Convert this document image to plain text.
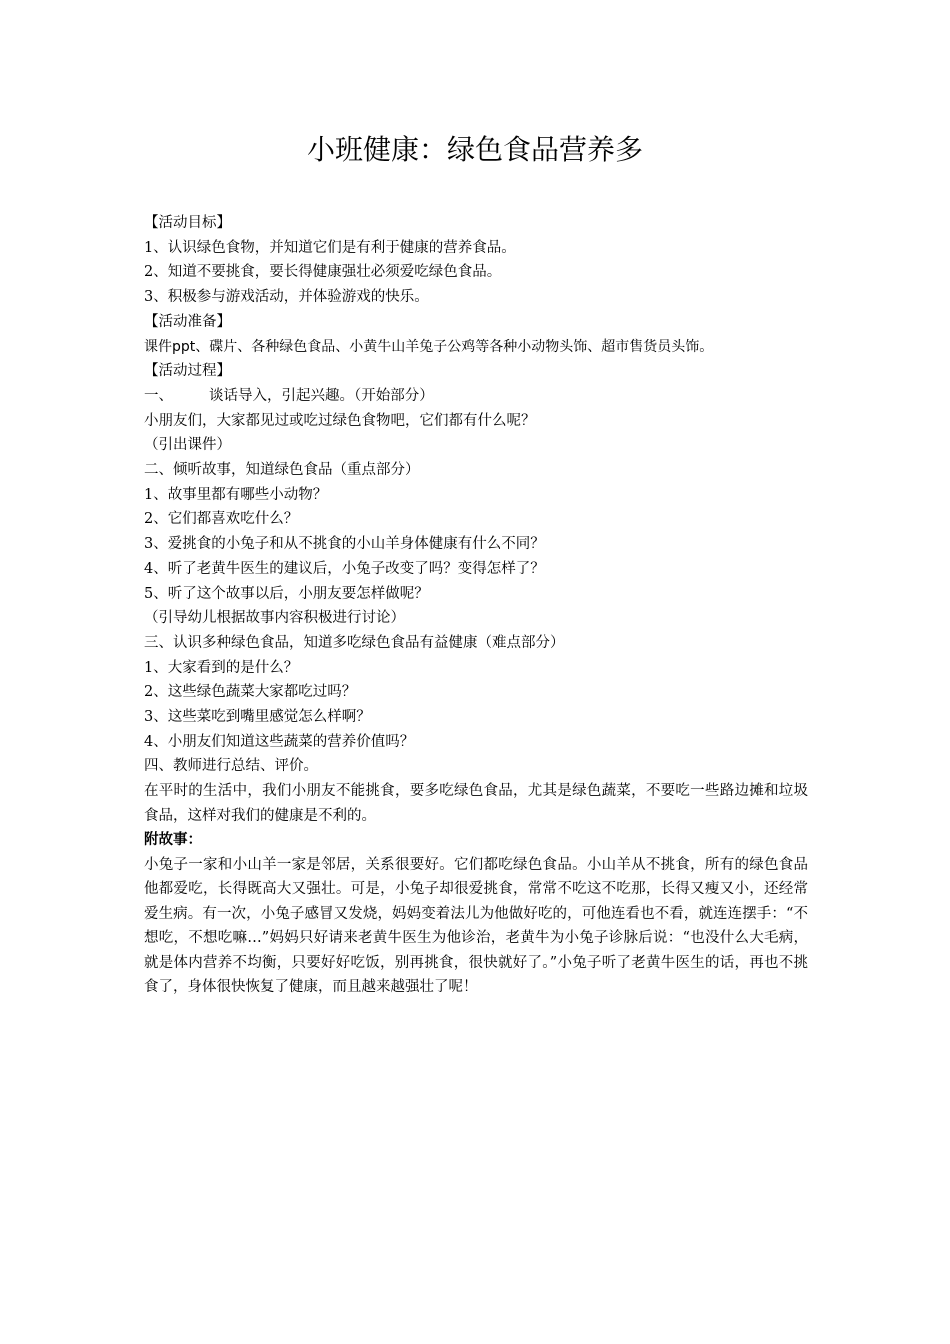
小班健康：绿色食品营养多
【活动目标】
1、认识绿色食物，并知道它们是有利于健康的营养食品。
2、知道不要挑食，要长得健康强壮必须爱吃绿色食品。
3、积极参与游戏活动，并体验游戏的快乐。
【活动准备】
课件ppt、碟片、各种绿色食品、小黄牛山羊兔子公鸡等各种小动物头饰、超市售货员头饰。
【活动过程】
一、 谈话导入，引起兴趣。（开始部分）
小朋友们，大家都见过或吃过绿色食物吧，它们都有什么呢？
（引出课件）
二、倾听故事，知道绿色食品（重点部分）
1、故事里都有哪些小动物？
2、它们都喜欢吃什么？
3、爱挑食的小兔子和从不挑食的小山羊身体健康有什么不同？
4、听了老黄牛医生的建议后，小兔子改变了吗？变得怎样了？
5、听了这个故事以后，小朋友要怎样做呢？
（引导幼儿根据故事内容积极进行讨论）
三、认识多种绿色食品，知道多吃绿色食品有益健康（难点部分）
1、大家看到的是什么？
2、这些绿色蔬菜大家都吃过吗？
3、这些菜吃到嘴里感觉怎么样啊？
4、小朋友们知道这些蔬菜的营养价值吗？
四、教师进行总结、评价。
在平时的生活中，我们小朋友不能挑食，要多吃绿色食品，尤其是绿色蔬菜，不要吃一些路边摊和垃圾食品，这样对我们的健康是不利的。
附故事：
小兔子一家和小山羊一家是邻居，关系很要好。它们都吃绿色食品。小山羊从不挑食，所有的绿色食品他都爱吃，长得既高大又强壮。可是，小兔子却很爱挑食，常常不吃这不吃那，长得又瘦又小，还经常爱生病。有一次，小兔子感冒又发烧，妈妈变着法儿为他做好吃的，可他连看也不看，就连连摆手：“不想吃，不想吃嘛…”妈妈只好请来老黄牛医生为他诊治，老黄牛为小兔子诊脉后说：“也没什么大毛病，就是体内营养不均衡，只要好好吃饭，别再挑食，很快就好了。”小兔子听了老黄牛医生的话，再也不挑食了，身体很快恢复了健康，而且越来越强壮了呢！
